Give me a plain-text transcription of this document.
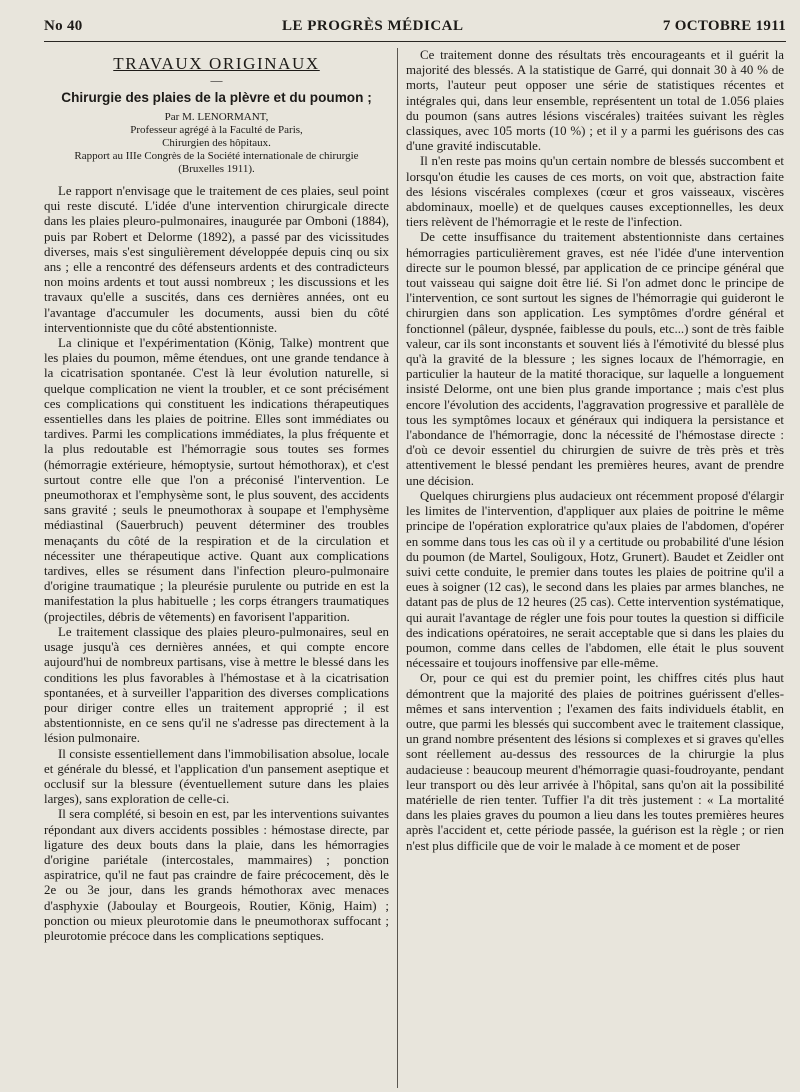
No 40	LE PROGRÈS MÉDICAL	7 OCTOBRE 1911
TRAVAUX ORIGINAUX
—
Chirurgie des plaies de la plèvre et du poumon ;
Par M. LENORMANT,
Professeur agrégé à la Faculté de Paris,
Chirurgien des hôpitaux.
Rapport au IIIe Congrès de la Société internationale de chirurgie
(Bruxelles 1911).

Le rapport n'envisage que le traitement de ces plaies, seul point qui reste discuté. L'idée d'une intervention chirurgicale directe dans les plaies pleuro-pulmonaires, inaugurée par Omboni (1884), puis par Robert et Delorme (1892), a passé par des vicissitudes diverses, mais s'est singulièrement développée depuis cinq ou six ans ; elle a rencontré des défenseurs ardents et des contradicteurs non moins ardents et tout aussi nombreux ; les discussions et les travaux qu'elle a suscités, dans ces dernières années, ont eu l'avantage d'accumuler les documents, aussi bien du côté interventionniste que du côté abstentionniste.

La clinique et l'expérimentation (König, Talke) montrent que les plaies du poumon, même étendues, ont une grande tendance à la cicatrisation spontanée. C'est là leur évolution naturelle, si quelque complication ne vient la troubler, et ce sont précisément ces complications qui constituent les indications thérapeutiques essentielles dans les plaies de poitrine. Elles sont immédiates ou tardives. Parmi les complications immédiates, la plus fréquente et la plus redoutable est l'hémorragie sous toutes ses formes (hémorragie extérieure, hémoptysie, surtout hémothorax), et c'est surtout contre elle que l'on a préconisé l'intervention. Le pneumothorax et l'emphysème sont, le plus souvent, des accidents sans gravité ; seuls le pneumothorax à soupape et l'emphysème médiastinal (Sauerbruch) peuvent déterminer des troubles menaçants du côté de la respiration et de la circulation et nécessiter une thérapeutique active. Quant aux complications tardives, elles se résument dans l'infection pleuro-pulmonaire d'origine traumatique ; la pleurésie purulente ou putride en est la manifestation la plus habituelle ; les corps étrangers traumatiques (projectiles, débris de vêtements) en favorisent l'apparition.

Le traitement classique des plaies pleuro-pulmonaires, seul en usage jusqu'à ces dernières années, et qui compte encore aujourd'hui de nombreux partisans, vise à mettre le blessé dans les conditions les plus favorables à l'hémostase et à la cicatrisation spontanées, et à surveiller l'apparition des diverses complications pour diriger contre elles un traitement approprié ; il est abstentionniste, en ce sens qu'il ne s'adresse pas directement à la lésion pulmonaire.

Il consiste essentiellement dans l'immobilisation absolue, locale et générale du blessé, et l'application d'un pansement aseptique et occlusif sur la blessure (éventuellement suture dans les plaies larges), sans exploration de celle-ci.

Il sera complété, si besoin en est, par les interventions suivantes répondant aux divers accidents possibles : hémostase directe, par ligature des deux bouts dans la plaie, dans les hémorragies d'origine pariétale (intercostales, mammaires) ; ponction aspiratrice, qu'il ne faut pas craindre de faire précocement, dès le 2e ou 3e jour, dans les grands hémothorax avec menaces d'asphyxie (Jaboulay et Bourgeois, Routier, König, Haim) ; ponction ou mieux pleurotomie dans le pneumothorax suffocant ; pleurotomie précoce dans les complications septiques.

Ce traitement donne des résultats très encourageants et il guérit la majorité des blessés. A la statistique de Garré, qui donnait 30 à 40 % de morts, l'auteur peut opposer une série de statistiques récentes et intégrales qui, dans leur ensemble, représentent un total de 1.056 plaies du poumon (sans autres lésions viscérales) traitées suivant les règles classiques, avec 105 morts (10 %) ; et il y a parmi les guérisons des cas d'une gravité indiscutable.

Il n'en reste pas moins qu'un certain nombre de blessés succombent et lorsqu'on étudie les causes de ces morts, on voit que, abstraction faite des lésions viscérales complexes (cœur et gros vaisseaux, viscères abdominaux, moelle) et de quelques causes exceptionnelles, les deux tiers relèvent de l'hémorragie et le reste de l'infection.

De cette insuffisance du traitement abstentionniste dans certaines hémorragies particulièrement graves, est née l'idée d'une intervention directe sur le poumon blessé, par application de ce principe général que tout vaisseau qui saigne doit être lié. Si l'on admet donc le principe de l'intervention, ce sont surtout les signes de l'hémorragie qui guideront le chirurgien dans son application. Les symptômes d'ordre général et fonctionnel (pâleur, dyspnée, faiblesse du pouls, etc...) sont de très faible valeur, car ils sont inconstants et souvent liés à l'émotivité du blessé plus qu'à la gravité de la blessure ; les signes locaux de l'hémorragie, en particulier la hauteur de la matité thoracique, sur laquelle a longuement insisté Delorme, ont une bien plus grande importance ; mais c'est plus encore l'évolution des accidents, l'aggravation progressive et parallèle de tous les symptômes locaux et généraux qui indiquera la persistance et l'abondance de l'hémorragie, donc la nécessité de l'hémostase directe : d'où ce devoir essentiel du chirurgien de suivre de très près et très attentivement le blessé pendant les premières heures, avant de prendre une décision.

Quelques chirurgiens plus audacieux ont récemment proposé d'élargir les limites de l'intervention, d'appliquer aux plaies de poitrine le même principe de l'opération exploratrice qu'aux plaies de l'abdomen, d'opérer en somme dans tous les cas où il y a certitude ou probabilité d'une lésion du poumon (de Martel, Souligoux, Hotz, Grunert). Baudet et Zeidler ont suivi cette conduite, le premier dans toutes les plaies de poitrine qu'il a eues à soigner (12 cas), le second dans les plaies par armes blanches, ne datant pas de plus de 12 heures (25 cas). Cette intervention systématique, qui aurait l'avantage de régler une fois pour toutes la question si difficile des indications opératoires, ne serait acceptable que si dans les plaies du poumon, comme dans celles de l'abdomen, elle était le plus souvent nécessaire et toujours inoffensive par elle-même.

Or, pour ce qui est du premier point, les chiffres cités plus haut démontrent que la majorité des plaies de poitrines guérissent d'elles-mêmes et sans intervention ; l'examen des faits individuels établit, en outre, que parmi les blessés qui succombent avec le traitement classique, un grand nombre présentent des lésions si complexes et si graves qu'elles sont réellement au-dessus des ressources de la chirurgie la plus audacieuse : beaucoup meurent d'hémorragie quasi-foudroyante, pendant leur transport ou dès leur arrivée à l'hôpital, sans qu'on ait la possibilité matérielle de rien tenter. Tuffier l'a dit très justement : « La mortalité dans les plaies graves du poumon a lieu dans les toutes premières heures après l'accident et, cette période passée, la guérison est la règle ; or rien n'est plus difficile que de voir le malade à ce moment et de poser
